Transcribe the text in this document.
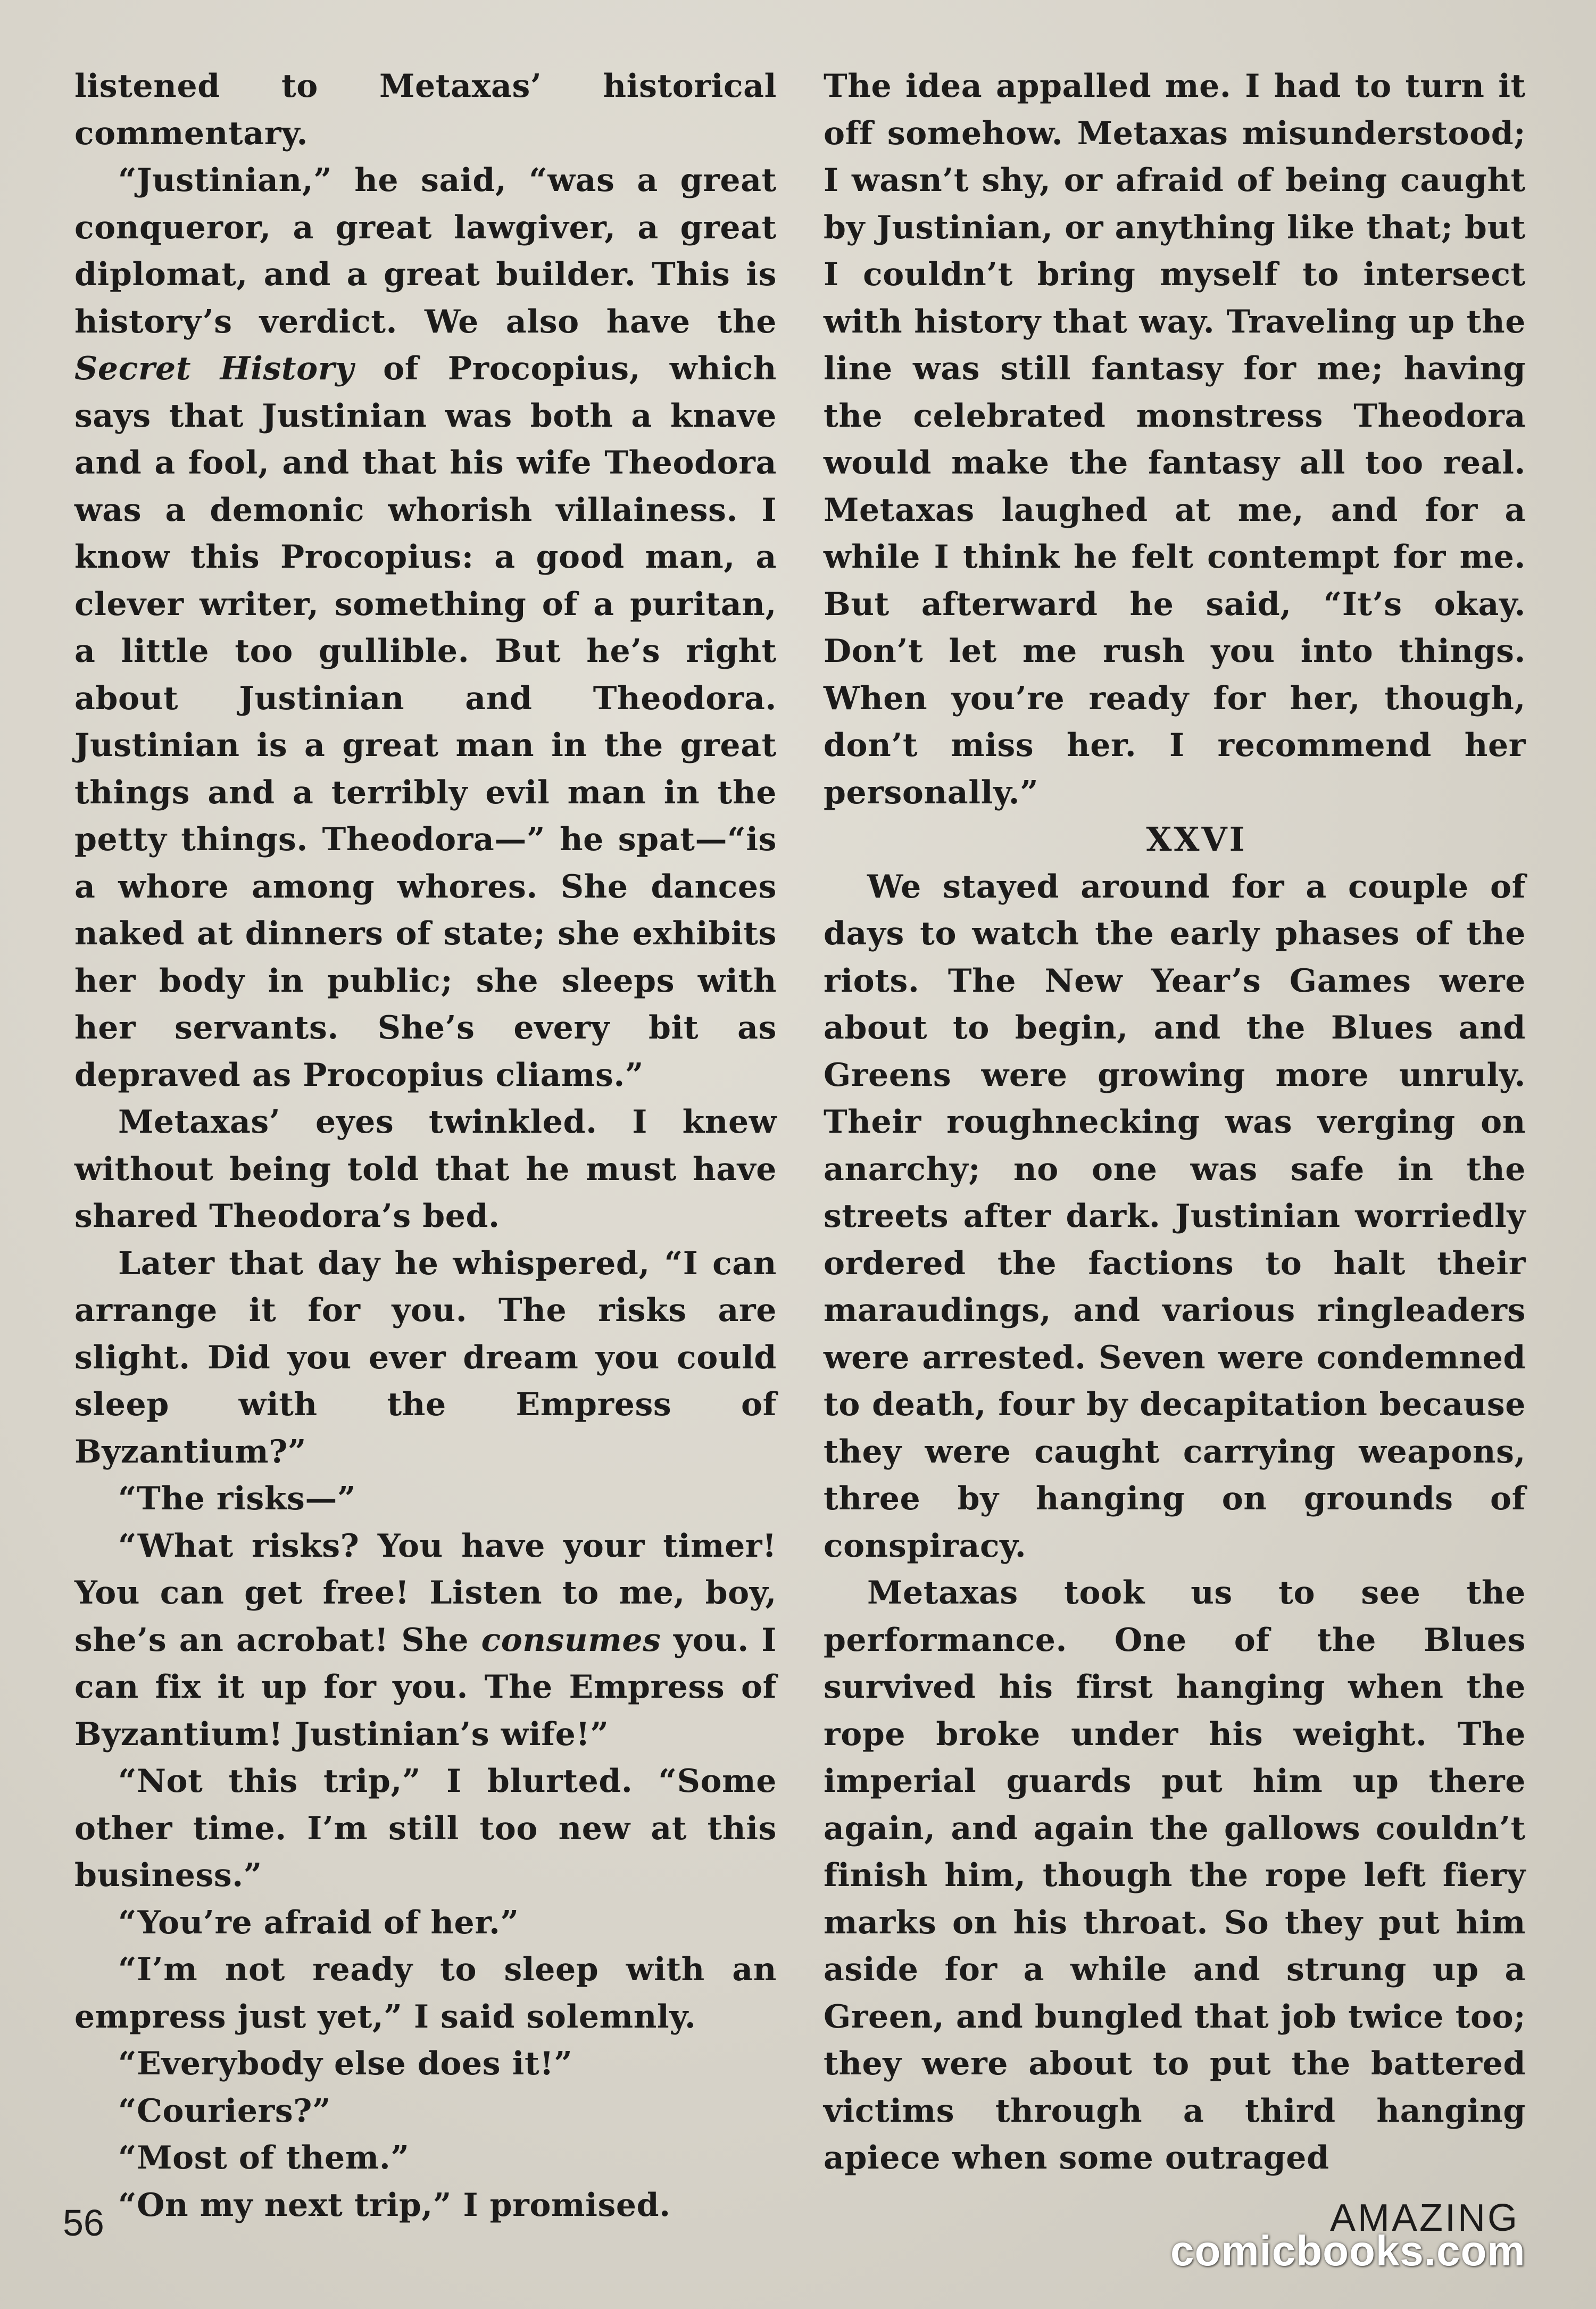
listened to Metaxas’ historical commentary.

“Justinian,” he said, “was a great conqueror, a great lawgiver, a great diplomat, and a great builder. This is history’s verdict. We also have the Secret History of Procopius, which says that Justinian was both a knave and a fool, and that his wife Theodora was a demonic whorish villainess. I know this Procopius: a good man, a clever writer, something of a puritan, a little too gullible. But he’s right about Justinian and Theodora. Justinian is a great man in the great things and a terribly evil man in the petty things. Theodora—” he spat—“is a whore among whores. She dances naked at dinners of state; she exhibits her body in public; she sleeps with her servants. She’s every bit as depraved as Procopius cliams.”

Metaxas’ eyes twinkled. I knew without being told that he must have shared Theodora’s bed.

Later that day he whispered, “I can arrange it for you. The risks are slight. Did you ever dream you could sleep with the Empress of Byzantium?”

“The risks—”

“What risks? You have your timer! You can get free! Listen to me, boy, she’s an acrobat! She consumes you. I can fix it up for you. The Empress of Byzantium! Justinian’s wife!”

“Not this trip,” I blurted. “Some other time. I’m still too new at this business.”

“You’re afraid of her.”

“I’m not ready to sleep with an empress just yet,” I said solemnly.

“Everybody else does it!”

“Couriers?”

“Most of them.”

“On my next trip,” I promised.

The idea appalled me. I had to turn it off somehow. Metaxas misunderstood; I wasn’t shy, or afraid of being caught by Justinian, or anything like that; but I couldn’t bring myself to intersect with history that way. Traveling up the line was still fantasy for me; having the celebrated monstress Theodora would make the fantasy all too real. Metaxas laughed at me, and for a while I think he felt contempt for me. But afterward he said, “It’s okay. Don’t let me rush you into things. When you’re ready for her, though, don’t miss her. I recommend her personally.”

XXVI

We stayed around for a couple of days to watch the early phases of the riots. The New Year’s Games were about to begin, and the Blues and Greens were growing more unruly. Their roughnecking was verging on anarchy; no one was safe in the streets after dark. Justinian worriedly ordered the factions to halt their maraudings, and various ringleaders were arrested. Seven were condemned to death, four by decapitation because they were caught carrying weapons, three by hanging on grounds of conspiracy.

Metaxas took us to see the performance. One of the Blues survived his first hanging when the rope broke under his weight. The imperial guards put him up there again, and again the gallows couldn’t finish him, though the rope left fiery marks on his throat. So they put him aside for a while and strung up a Green, and bungled that job twice too; they were about to put the battered victims through a third hanging apiece when some outraged

56	AMAZING
comicbooks.com
